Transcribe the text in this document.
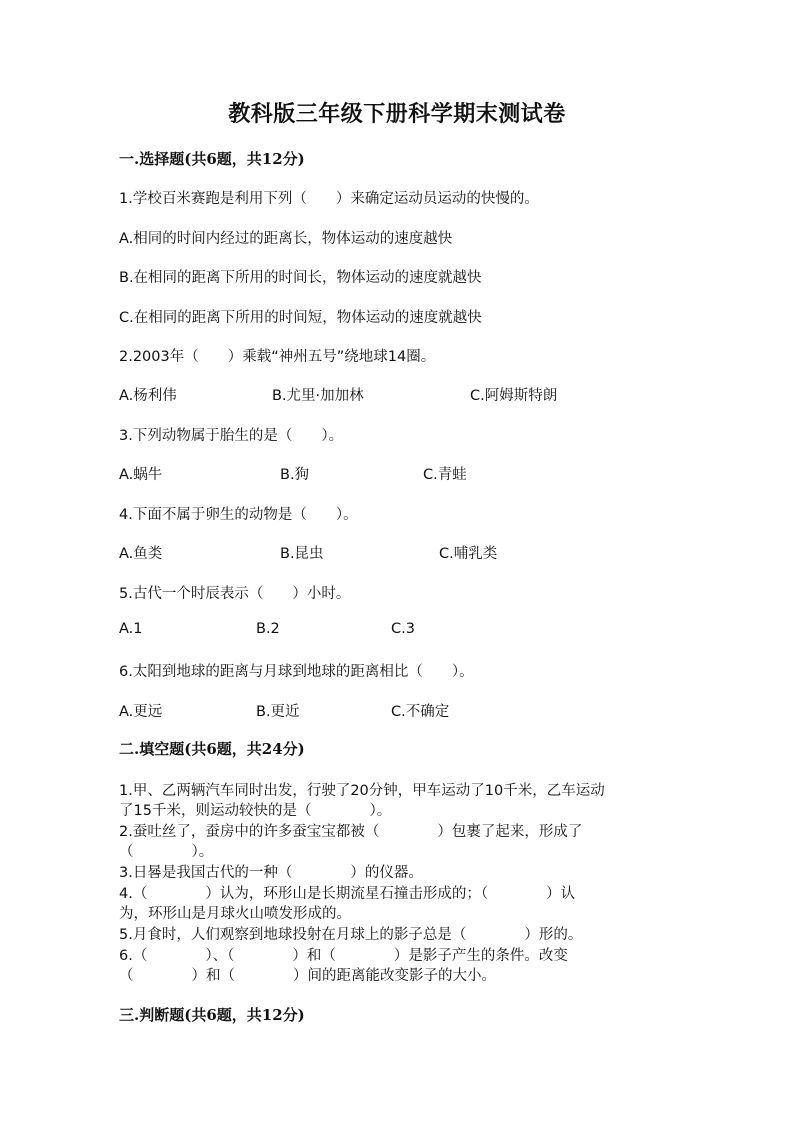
教科版三年级下册科学期末测试卷
一.选择题(共6题，共12分)
1.学校百米赛跑是利用下列（　　）来确定运动员运动的快慢的。
A.相同的时间内经过的距离长，物体运动的速度越快
B.在相同的距离下所用的时间长，物体运动的速度就越快
C.在相同的距离下所用的时间短，物体运动的速度就越快
2.2003年（　　）乘载“神州五号”绕地球14圈。
A.杨利伟	B.尤里·加加林	C.阿姆斯特朗
3.下列动物属于胎生的是（　　）。
A.蜗牛	B.狗	C.青蛙
4.下面不属于卵生的动物是（　　）。
A.鱼类	B.昆虫	C.哺乳类
5.古代一个时辰表示（　　）小时。
A.1	B.2	C.3
6.太阳到地球的距离与月球到地球的距离相比（　　）。
A.更远	B.更近	C.不确定
二.填空题(共6题，共24分)
1.甲、乙两辆汽车同时出发，行驶了20分钟，甲车运动了10千米，乙车运动
了15千米，则运动较快的是（　　　　）。
2.蚕吐丝了，蚕房中的许多蚕宝宝都被（　　　　）包裹了起来，形成了
（　　　　）。
3.日晷是我国古代的一种（　　　　）的仪器。
4.（　　　　）认为，环形山是长期流星石撞击形成的；（　　　　）认
为，环形山是月球火山喷发形成的。
5.月食时，人们观察到地球投射在月球上的影子总是（　　　　）形的。
6.（　　　　）、（　　　　）和（　　　　）是影子产生的条件。改变
（　　　　）和（　　　　）间的距离能改变影子的大小。
三.判断题(共6题，共12分)
